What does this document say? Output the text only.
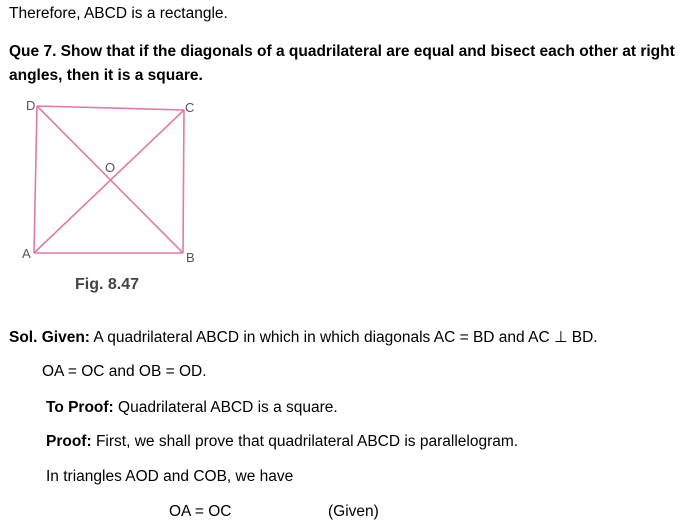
Therefore, ABCD is a rectangle.
Que 7. Show that if the diagonals of a quadrilateral are equal and bisect each other at right angles, then it is a square.
D	C
O
A	B
Fig. 8.47
Sol. Given: A quadrilateral ABCD in which in which diagonals AC = BD and AC ⊥ BD.
OA = OC and OB = OD.
To Proof: Quadrilateral ABCD is a square.
Proof: First, we shall prove that quadrilateral ABCD is parallelogram.
In triangles AOD and COB, we have
OA = OC	(Given)
